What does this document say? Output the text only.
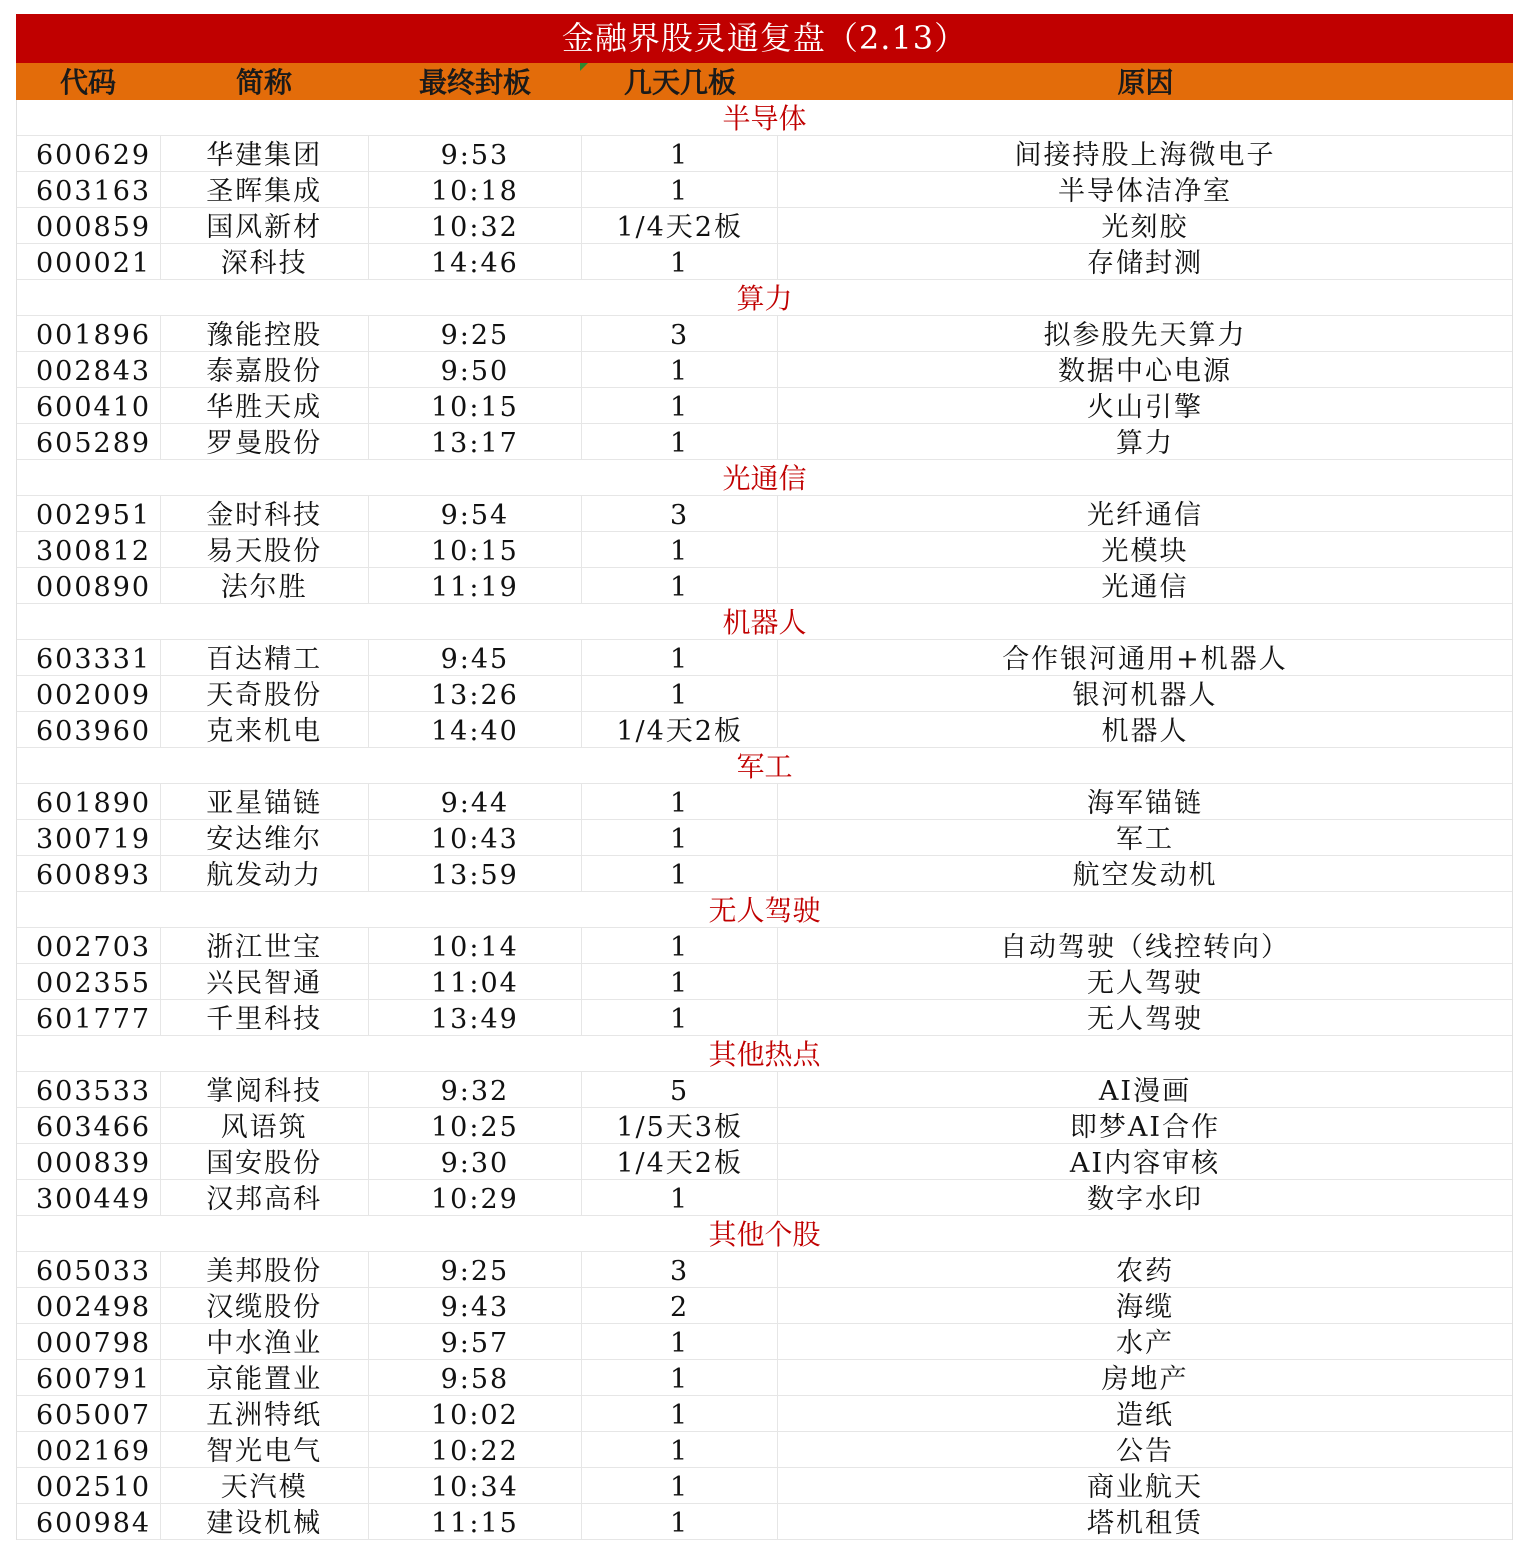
金融界股灵通复盘（2.13）
代码	简称	最终封板	几天几板	原因
半导体
600629	华建集团	9:53	1	间接持股上海微电子
603163	圣晖集成	10:18	1	半导体洁净室
000859	国风新材	10:32	1/4天2板	光刻胶
000021	深科技	14:46	1	存储封测
算力
001896	豫能控股	9:25	3	拟参股先天算力
002843	泰嘉股份	9:50	1	数据中心电源
600410	华胜天成	10:15	1	火山引擎
605289	罗曼股份	13:17	1	算力
光通信
002951	金时科技	9:54	3	光纤通信
300812	易天股份	10:15	1	光模块
000890	法尔胜	11:19	1	光通信
机器人
603331	百达精工	9:45	1	合作银河通用+机器人
002009	天奇股份	13:26	1	银河机器人
603960	克来机电	14:40	1/4天2板	机器人
军工
601890	亚星锚链	9:44	1	海军锚链
300719	安达维尔	10:43	1	军工
600893	航发动力	13:59	1	航空发动机
无人驾驶
002703	浙江世宝	10:14	1	自动驾驶（线控转向）
002355	兴民智通	11:04	1	无人驾驶
601777	千里科技	13:49	1	无人驾驶
其他热点
603533	掌阅科技	9:32	5	AI漫画
603466	风语筑	10:25	1/5天3板	即梦AI合作
000839	国安股份	9:30	1/4天2板	AI内容审核
300449	汉邦高科	10:29	1	数字水印
其他个股
605033	美邦股份	9:25	3	农药
002498	汉缆股份	9:43	2	海缆
000798	中水渔业	9:57	1	水产
600791	京能置业	9:58	1	房地产
605007	五洲特纸	10:02	1	造纸
002169	智光电气	10:22	1	公告
002510	天汽模	10:34	1	商业航天
600984	建设机械	11:15	1	塔机租赁
